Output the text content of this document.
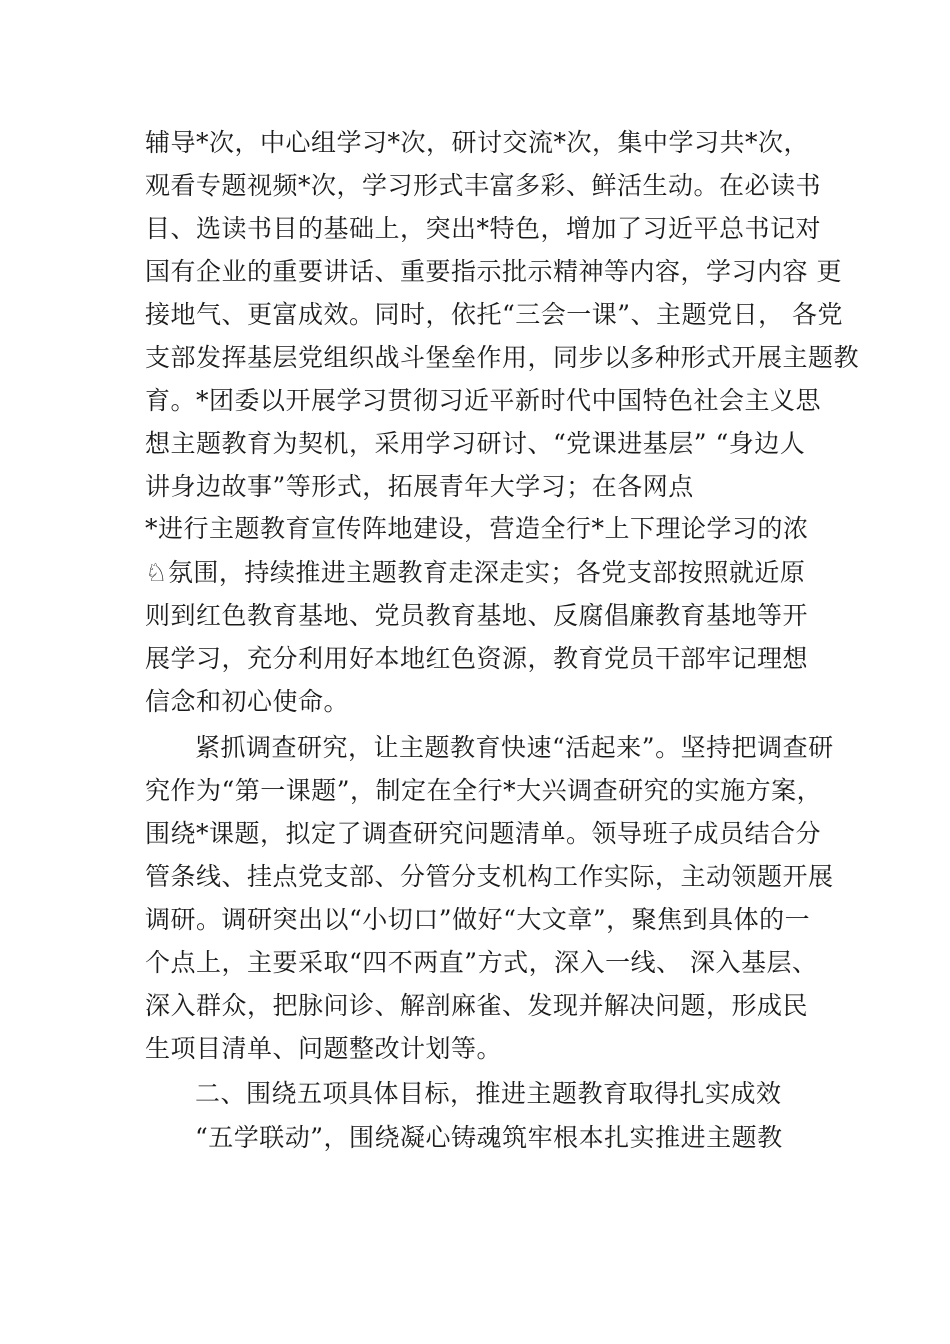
辅导*次，中心组学习*次，研讨交流*次，集中学习共*次，
观看专题视频*次，学习形式丰富多彩、鲜活生动。在必读书
目、选读书目的基础上，突出*特色，增加了习近平总书记对
国有企业的重要讲话、重要指示批示精神等内容，学习内容 更
接地气、更富成效。同时，依托“三会一课”、主题党日， 各党
支部发挥基层党组织战斗堡垒作用，同步以多种形式开展主题教
育。*团委以开展学习贯彻习近平新时代中国特色社会主义思
想主题教育为契机，采用学习研讨、“党课进基层” “身边人
讲身边故事”等形式，拓展青年大学习；在各网点
*进行主题教育宣传阵地建设，营造全行*上下理论学习的浓
♘氛围，持续推进主题教育走深走实；各党支部按照就近原
则到红色教育基地、党员教育基地、反腐倡廉教育基地等开
展学习，充分利用好本地红色资源，教育党员干部牢记理想
信念和初心使命。
紧抓调查研究，让主题教育快速“活起来”。坚持把调查研
究作为“第一课题”，制定在全行*大兴调查研究的实施方案，
围绕*课题，拟定了调查研究问题清单。领导班子成员结合分
管条线、挂点党支部、分管分支机构工作实际，主动领题开展
调研。调研突出以“小切口”做好“大文章”，聚焦到具体的一
个点上，主要采取“四不两直”方式，深入一线、 深入基层、
深入群众，把脉问诊、解剖麻雀、发现并解决问题，形成民
生项目清单、问题整改计划等。
二、围绕五项具体目标，推进主题教育取得扎实成效
“五学联动”，围绕凝心铸魂筑牢根本扎实推进主题教
